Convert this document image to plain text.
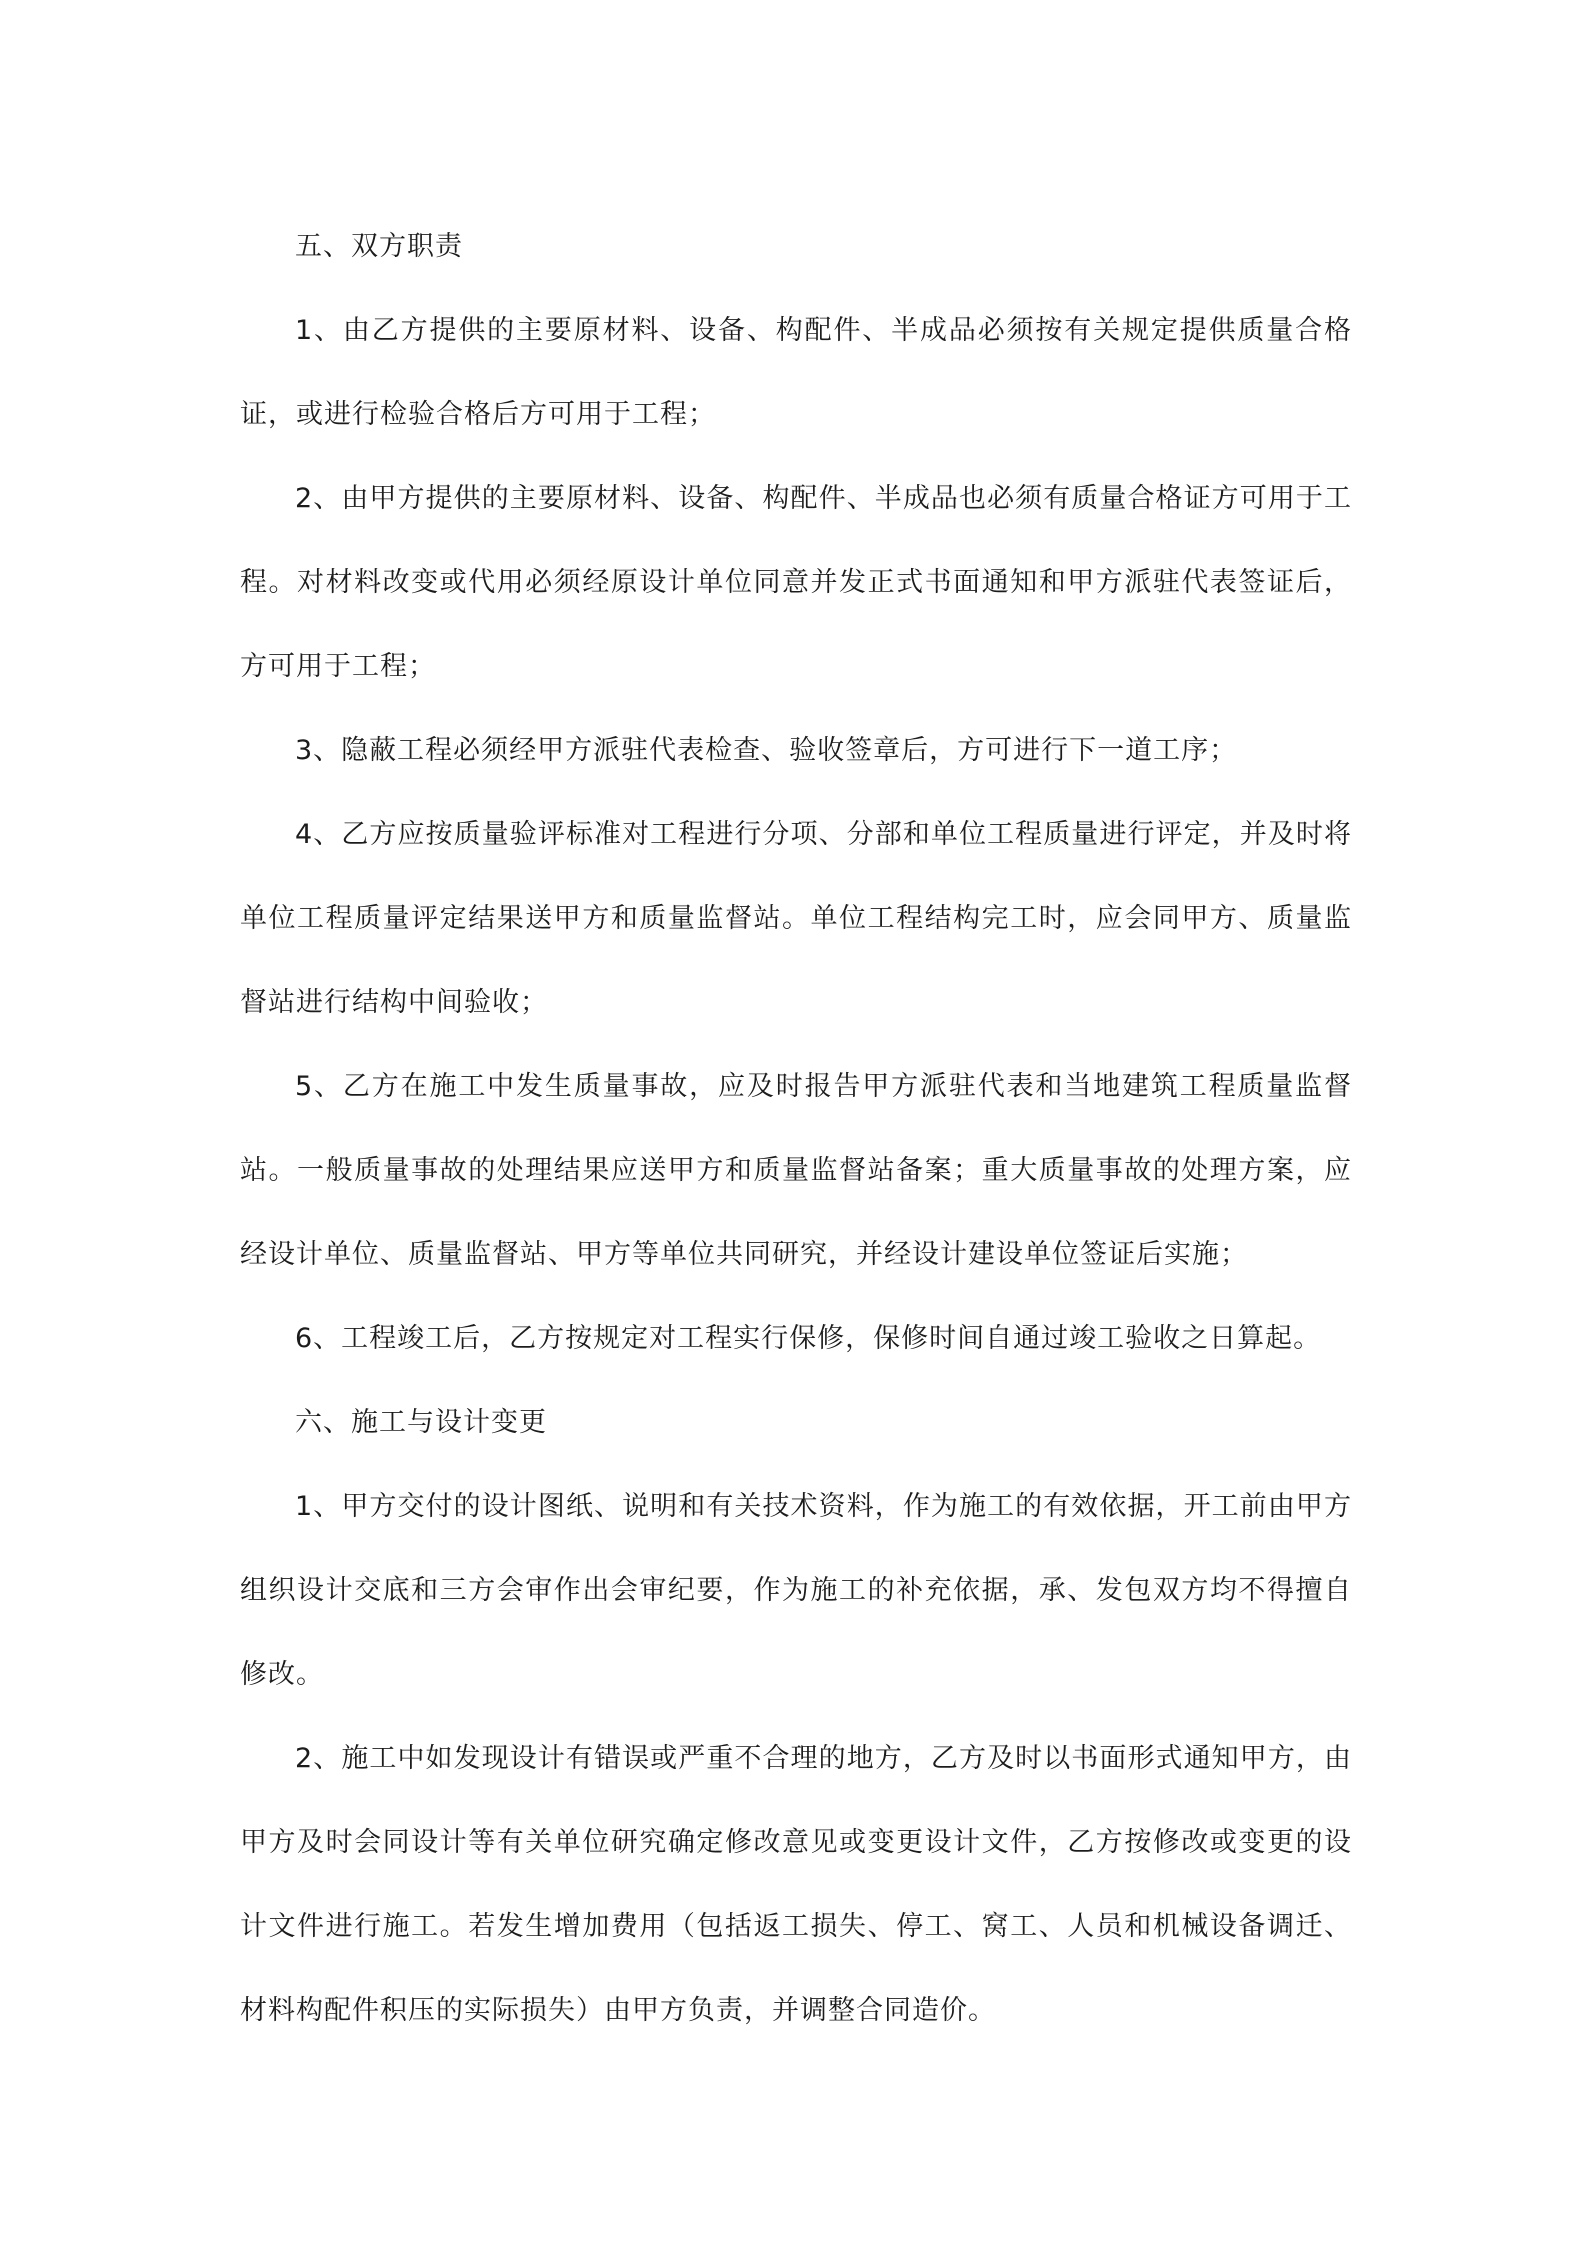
五、双方职责

1、由乙方提供的主要原材料、设备、构配件、半成品必须按有关规定提供质量合格证，或进行检验合格后方可用于工程；

2、由甲方提供的主要原材料、设备、构配件、半成品也必须有质量合格证方可用于工程。对材料改变或代用必须经原设计单位同意并发正式书面通知和甲方派驻代表签证后，方可用于工程；

3、隐蔽工程必须经甲方派驻代表检查、验收签章后，方可进行下一道工序；

4、乙方应按质量验评标准对工程进行分项、分部和单位工程质量进行评定，并及时将单位工程质量评定结果送甲方和质量监督站。单位工程结构完工时，应会同甲方、质量监督站进行结构中间验收；

5、乙方在施工中发生质量事故，应及时报告甲方派驻代表和当地建筑工程质量监督站。一般质量事故的处理结果应送甲方和质量监督站备案；重大质量事故的处理方案，应经设计单位、质量监督站、甲方等单位共同研究，并经设计建设单位签证后实施；

6、工程竣工后，乙方按规定对工程实行保修，保修时间自通过竣工验收之日算起。

六、施工与设计变更

1、甲方交付的设计图纸、说明和有关技术资料，作为施工的有效依据，开工前由甲方组织设计交底和三方会审作出会审纪要，作为施工的补充依据，承、发包双方均不得擅自修改。

2、施工中如发现设计有错误或严重不合理的地方，乙方及时以书面形式通知甲方，由甲方及时会同设计等有关单位研究确定修改意见或变更设计文件，乙方按修改或变更的设计文件进行施工。若发生增加费用（包括返工损失、停工、窝工、人员和机械设备调迁、材料构配件积压的实际损失）由甲方负责，并调整合同造价。
